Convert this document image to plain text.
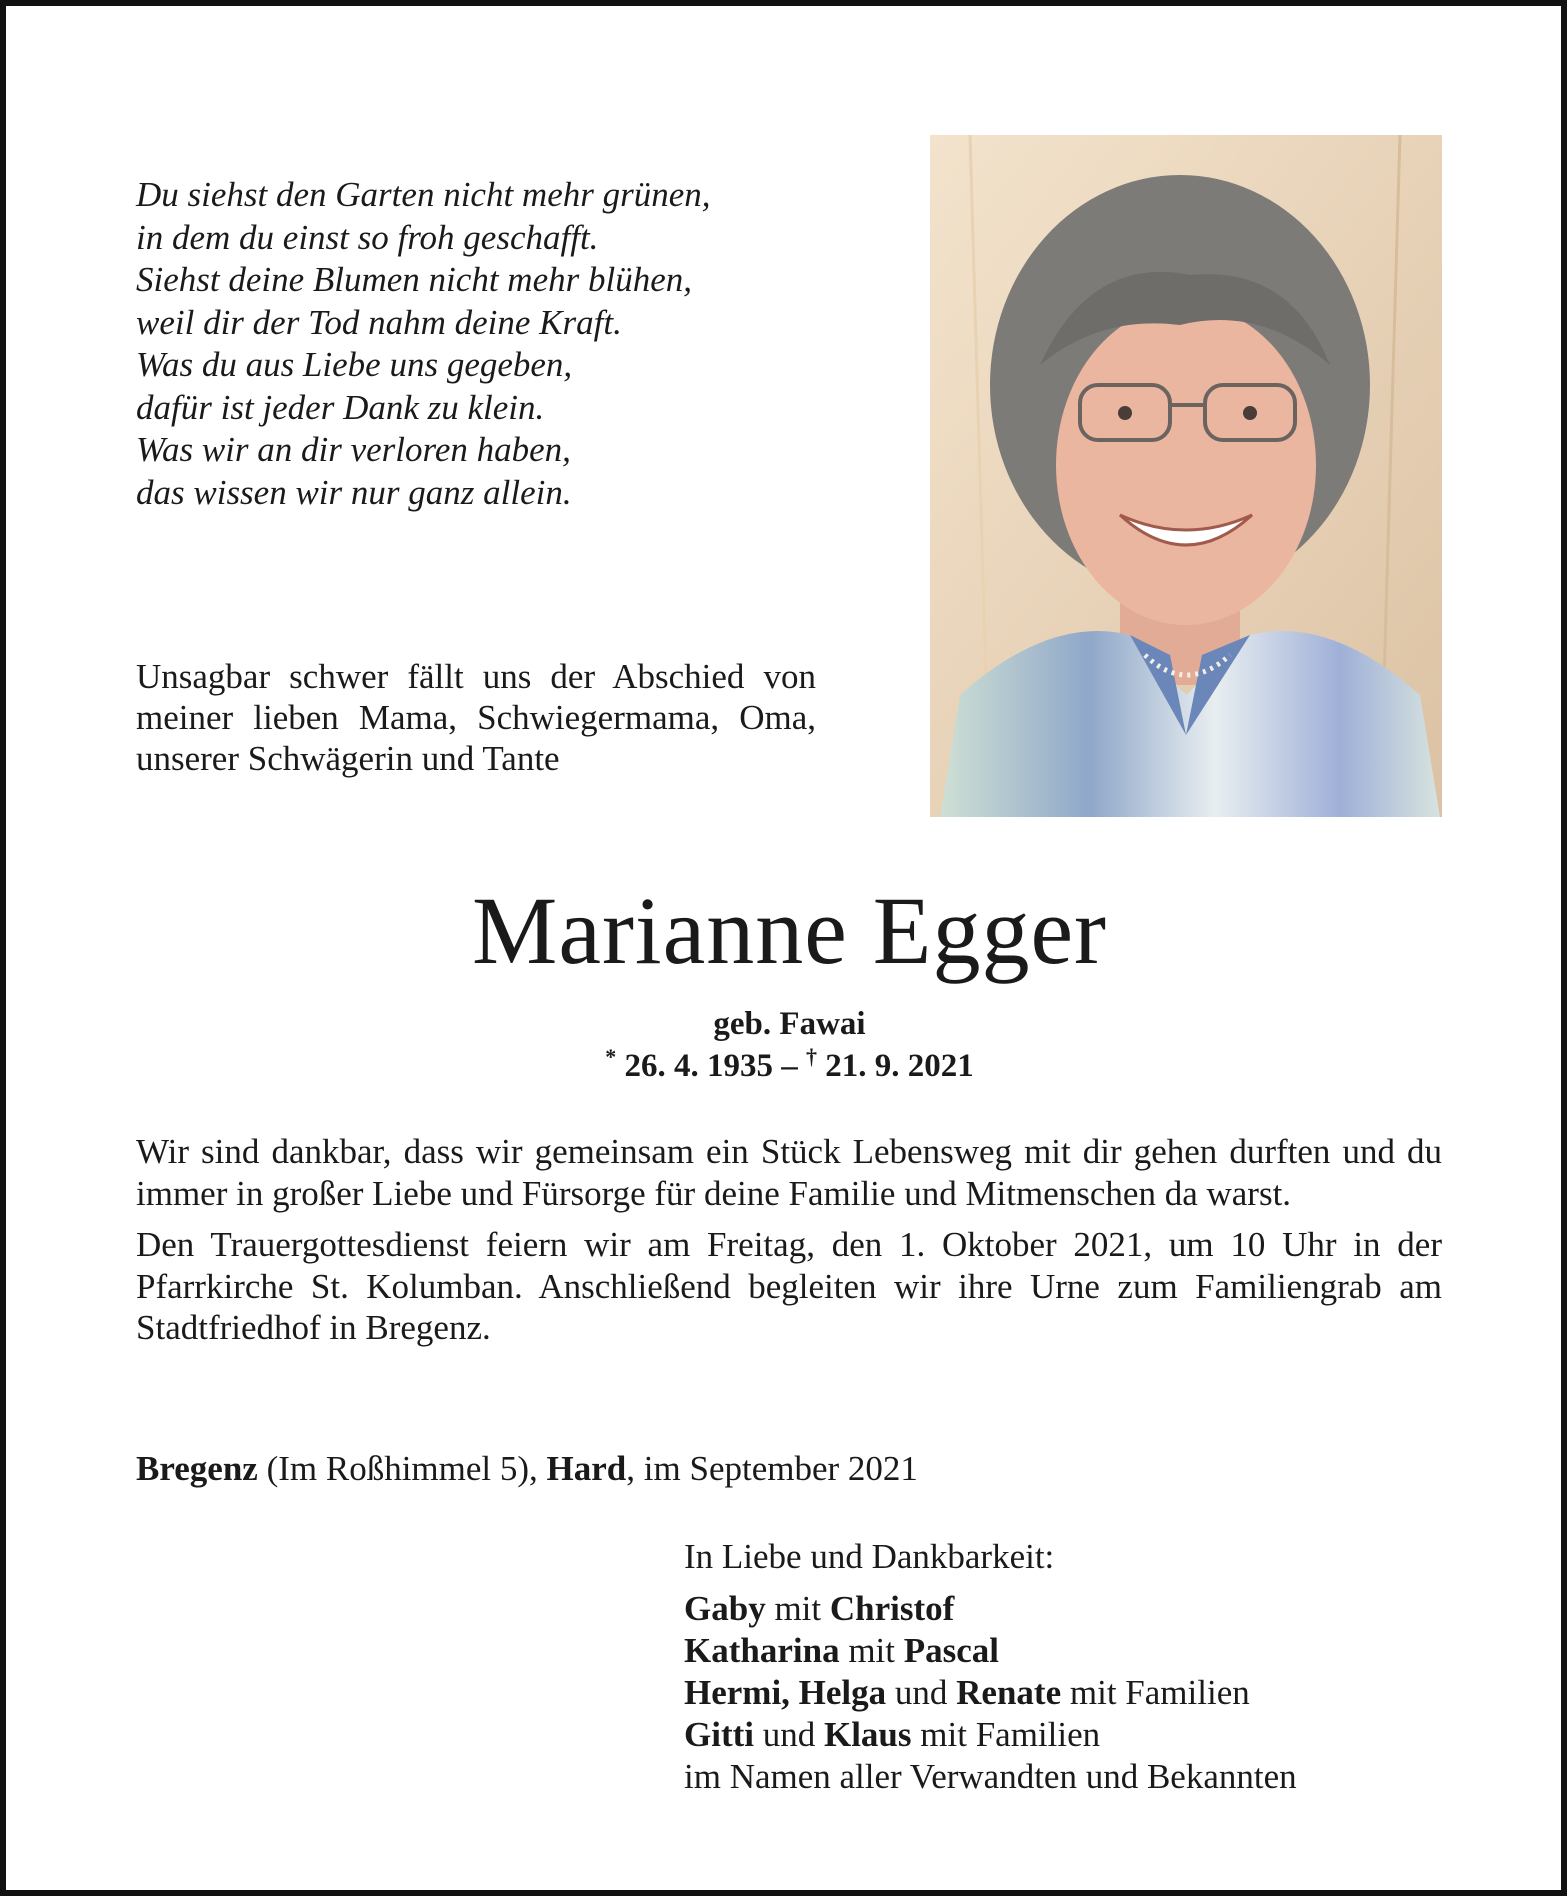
Du siehst den Garten nicht mehr grünen,
in dem du einst so froh geschafft.
Siehst deine Blumen nicht mehr blühen,
weil dir der Tod nahm deine Kraft.
Was du aus Liebe uns gegeben,
dafür ist jeder Dank zu klein.
Was wir an dir verloren haben,
das wissen wir nur ganz allein.

Unsagbar schwer fällt uns der Abschied von meiner lieben Mama, Schwiegermama, Oma, unserer Schwägerin und Tante

Marianne Egger
geb. Fawai
* 26. 4. 1935 – † 21. 9. 2021

Wir sind dankbar, dass wir gemeinsam ein Stück Lebensweg mit dir gehen durften und du immer in großer Liebe und Fürsorge für deine Familie und Mitmenschen da warst.

Den Trauergottesdienst feiern wir am Freitag, den 1. Oktober 2021, um 10 Uhr in der Pfarrkirche St. Kolumban. Anschließend begleiten wir ihre Urne zum Familiengrab am Stadtfriedhof in Bregenz.

Bregenz (Im Roßhimmel 5), Hard, im September 2021
In Liebe und Dankbarkeit:
Gaby mit Christof
Katharina mit Pascal
Hermi, Helga und Renate mit Familien
Gitti und Klaus mit Familien
im Namen aller Verwandten und Bekannten
